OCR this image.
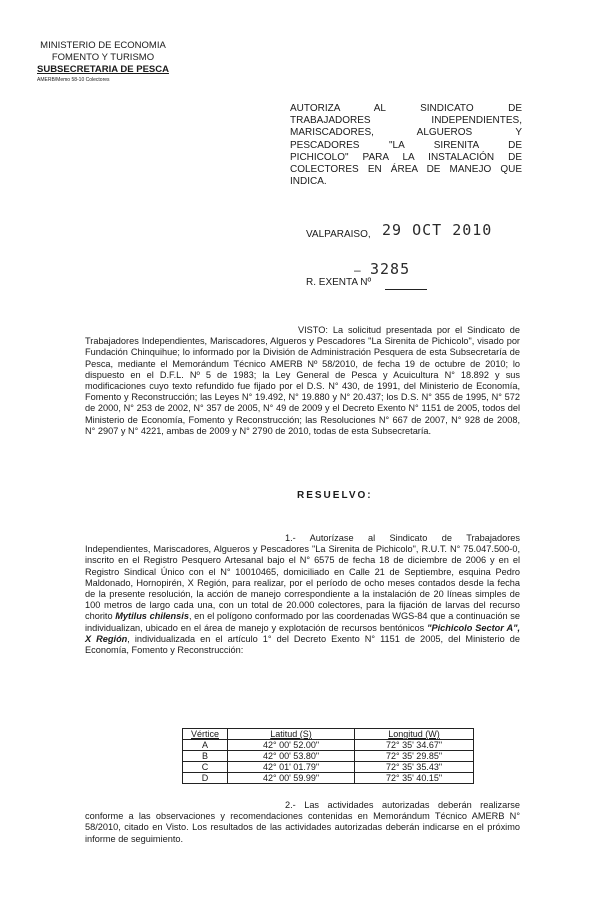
MINISTERIO DE ECONOMIA
FOMENTO Y TURISMO
SUBSECRETARIA DE PESCA
AMERB/Memo 58-10 Colectores
AUTORIZA AL SINDICATO DE
TRABAJADORES INDEPENDIENTES,
MARISCADORES, ALGUEROS Y
PESCADORES "LA SIRENITA DE
PICHICOLO" PARA LA INSTALACIÓN DE
COLECTORES EN ÁREA DE MANEJO QUE
INDICA.
VALPARAISO, 29 OCT 2010
– 3285
R. EXENTA Nº
VISTO: La solicitud presentada por el Sindicato de Trabajadores Independientes, Mariscadores, Algueros y Pescadores "La Sirenita de Pichicolo", visado por Fundación Chinquihue; lo informado por la División de Administración Pesquera de esta Subsecretaría de Pesca, mediante el Memorándum Técnico AMERB Nº 58/2010, de fecha 19 de octubre de 2010; lo dispuesto en el D.F.L. Nº 5 de 1983; la Ley General de Pesca y Acuicultura N° 18.892 y sus modificaciones cuyo texto refundido fue fijado por el D.S. N° 430, de 1991, del Ministerio de Economía, Fomento y Reconstrucción; las Leyes N° 19.492, N° 19.880 y N° 20.437; los D.S. N° 355 de 1995, N° 572 de 2000, N° 253 de 2002, N° 357 de 2005, N° 49 de 2009 y el Decreto Exento N° 1151 de 2005, todos del Ministerio de Economía, Fomento y Reconstrucción; las Resoluciones N° 667 de 2007, N° 928 de 2008, N° 2907 y N° 4221, ambas de 2009 y N° 2790 de 2010, todas de esta Subsecretaría.
RESUELVO:
1.- Autorízase al Sindicato de Trabajadores Independientes, Mariscadores, Algueros y Pescadores "La Sirenita de Pichicolo", R.U.T. N° 75.047.500-0, inscrito en el Registro Pesquero Artesanal bajo el N° 6575 de fecha 18 de diciembre de 2006 y en el Registro Sindical Único con el N° 10010465, domiciliado en Calle 21 de Septiembre, esquina Pedro Maldonado, Hornopirén, X Región, para realizar, por el período de ocho meses contados desde la fecha de la presente resolución, la acción de manejo correspondiente a la instalación de 20 líneas simples de 100 metros de largo cada una, con un total de 20.000 colectores, para la fijación de larvas del recurso chorito Mytilus chilensis, en el polígono conformado por las coordenadas WGS-84 que a continuación se individualizan, ubicado en el área de manejo y explotación de recursos bentónicos "Pichicolo Sector A", X Región, individualizada en el artículo 1° del Decreto Exento N° 1151 de 2005, del Ministerio de Economía, Fomento y Reconstrucción:
Vértice	Latitud (S)	Longitud (W)
A	42° 00' 52.00"	72° 35' 34.67"
B	42° 00' 53.80"	72° 35' 29.85"
C	42° 01' 01.79"	72° 35' 35.43"
D	42° 00' 59.99"	72° 35' 40.15"
2.- Las actividades autorizadas deberán realizarse conforme a las observaciones y recomendaciones contenidas en Memorándum Técnico AMERB N° 58/2010, citado en Visto. Los resultados de las actividades autorizadas deberán indicarse en el próximo informe de seguimiento.
